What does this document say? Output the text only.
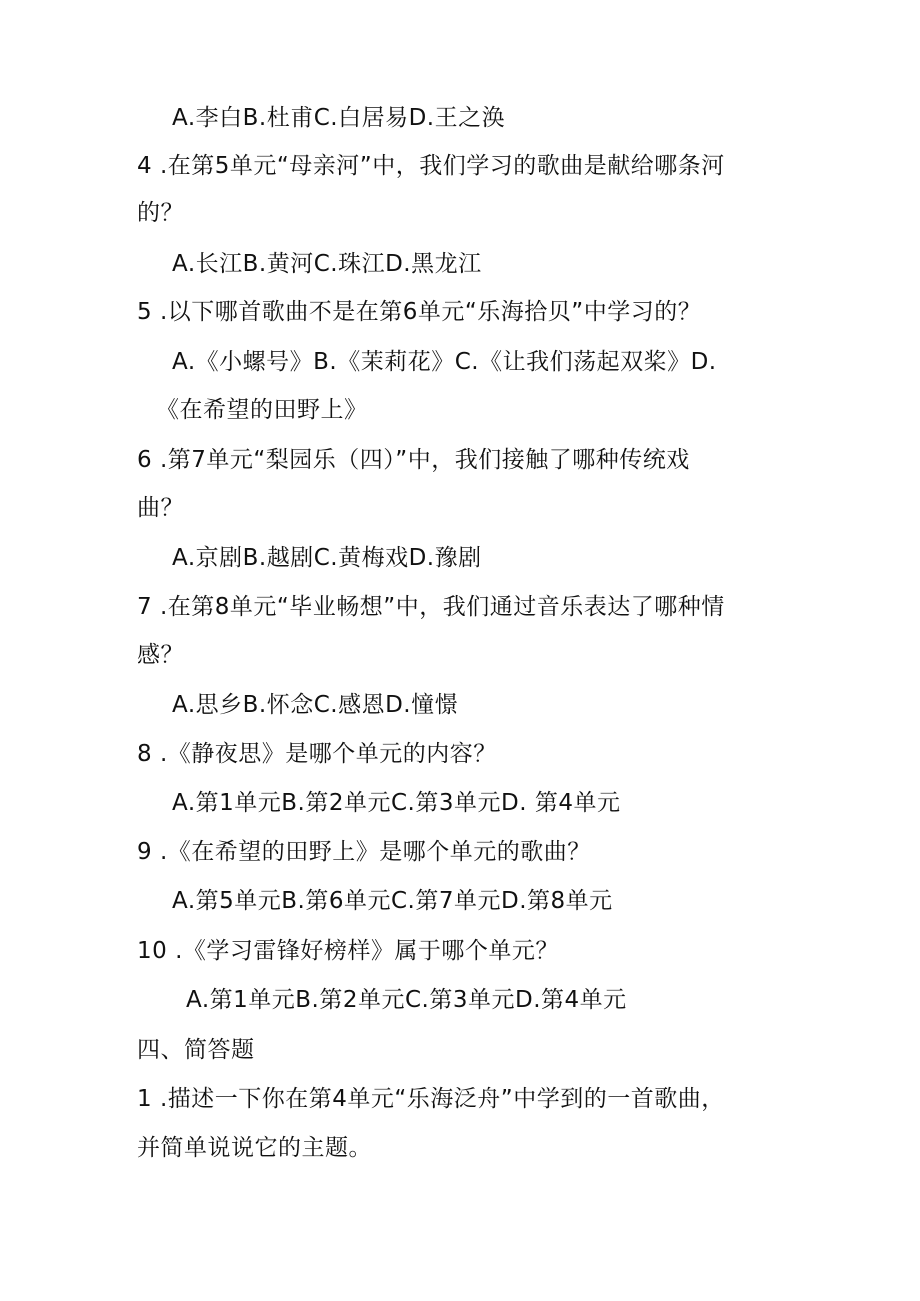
A.李白B.杜甫C.白居易D.王之涣
4 .在第5单元“母亲河”中，我们学习的歌曲是献给哪条河
的？
A.长江B.黄河C.珠江D.黑龙江
5 .以下哪首歌曲不是在第6单元“乐海拾贝”中学习的？
A.《小螺号》B.《茉莉花》C.《让我们荡起双桨》D.
《在希望的田野上》
6 .第7单元“梨园乐（四）”中，我们接触了哪种传统戏
曲？
A.京剧B.越剧C.黄梅戏D.豫剧
7 .在第8单元“毕业畅想”中，我们通过音乐表达了哪种情
感？
A.思乡B.怀念C.感恩D.憧憬
8 .《静夜思》是哪个单元的内容？
A.第1单元B.第2单元C.第3单元D. 第4单元
9 .《在希望的田野上》是哪个单元的歌曲？
A.第5单元B.第6单元C.第7单元D.第8单元
10 .《学习雷锋好榜样》属于哪个单元？
A.第1单元B.第2单元C.第3单元D.第4单元
四、简答题
1 .描述一下你在第4单元“乐海泛舟”中学到的一首歌曲，
并简单说说它的主题。
